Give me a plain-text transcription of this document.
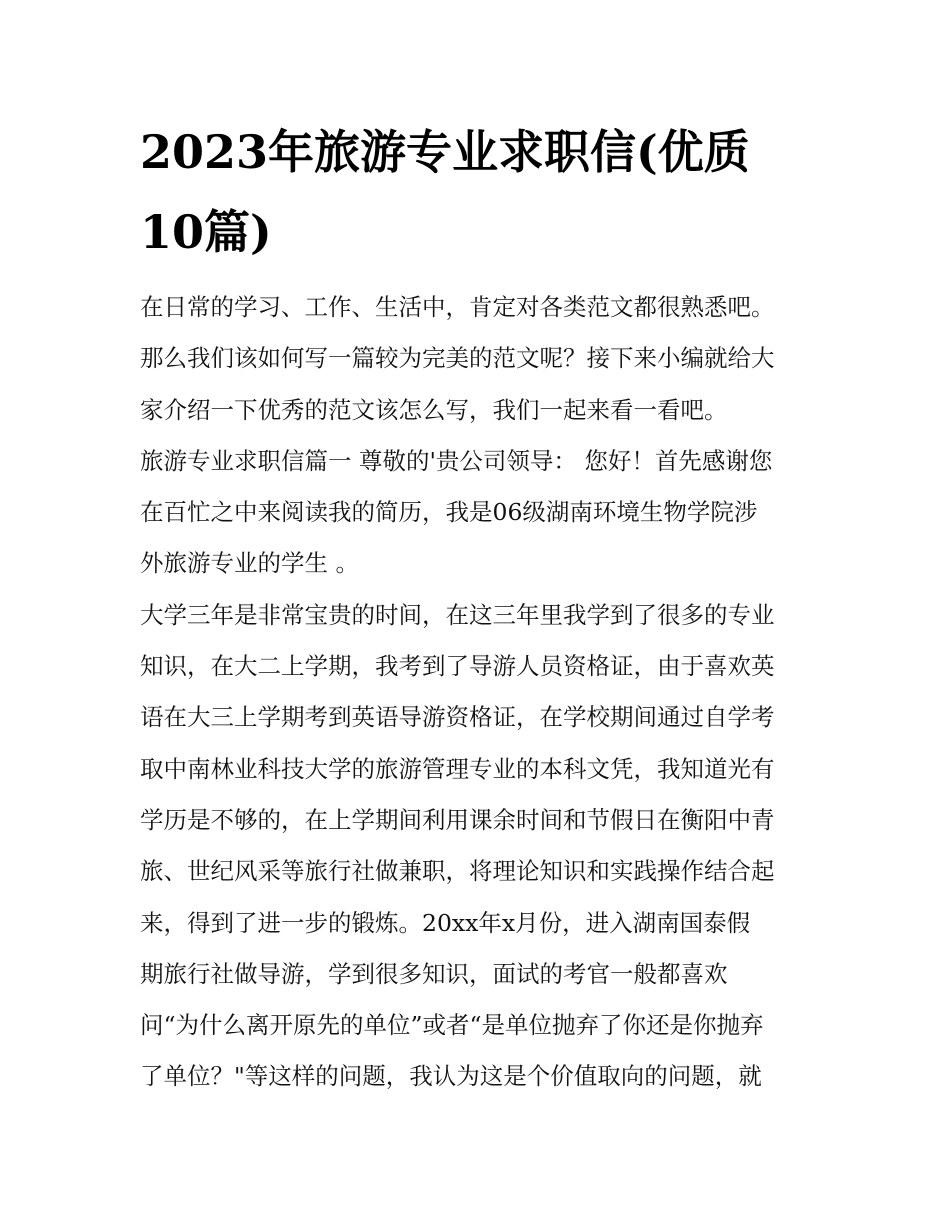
2023年旅游专业求职信(优质
10篇)

在日常的学习、工作、生活中，肯定对各类范文都很熟悉吧。
那么我们该如何写一篇较为完美的范文呢？接下来小编就给大
家介绍一下优秀的范文该怎么写，我们一起来看一看吧。

旅游专业求职信篇一 尊敬的'贵公司领导： 您好！首先感谢您
在百忙之中来阅读我的简历，我是06级湖南环境生物学院涉
外旅游专业的学生 。

大学三年是非常宝贵的时间，在这三年里我学到了很多的专业
知识，在大二上学期，我考到了导游人员资格证，由于喜欢英
语在大三上学期考到英语导游资格证，在学校期间通过自学考
取中南林业科技大学的旅游管理专业的本科文凭，我知道光有
学历是不够的，在上学期间利用课余时间和节假日在衡阳中青
旅、世纪风采等旅行社做兼职，将理论知识和实践操作结合起
来，得到了进一步的锻炼。20xx年x月份，进入湖南国泰假
期旅行社做导游，学到很多知识，面试的考官一般都喜欢
问“为什么离开原先的单位”或者“是单位抛弃了你还是你抛弃
了单位？"等这样的问题，我认为这是个价值取向的问题，就
